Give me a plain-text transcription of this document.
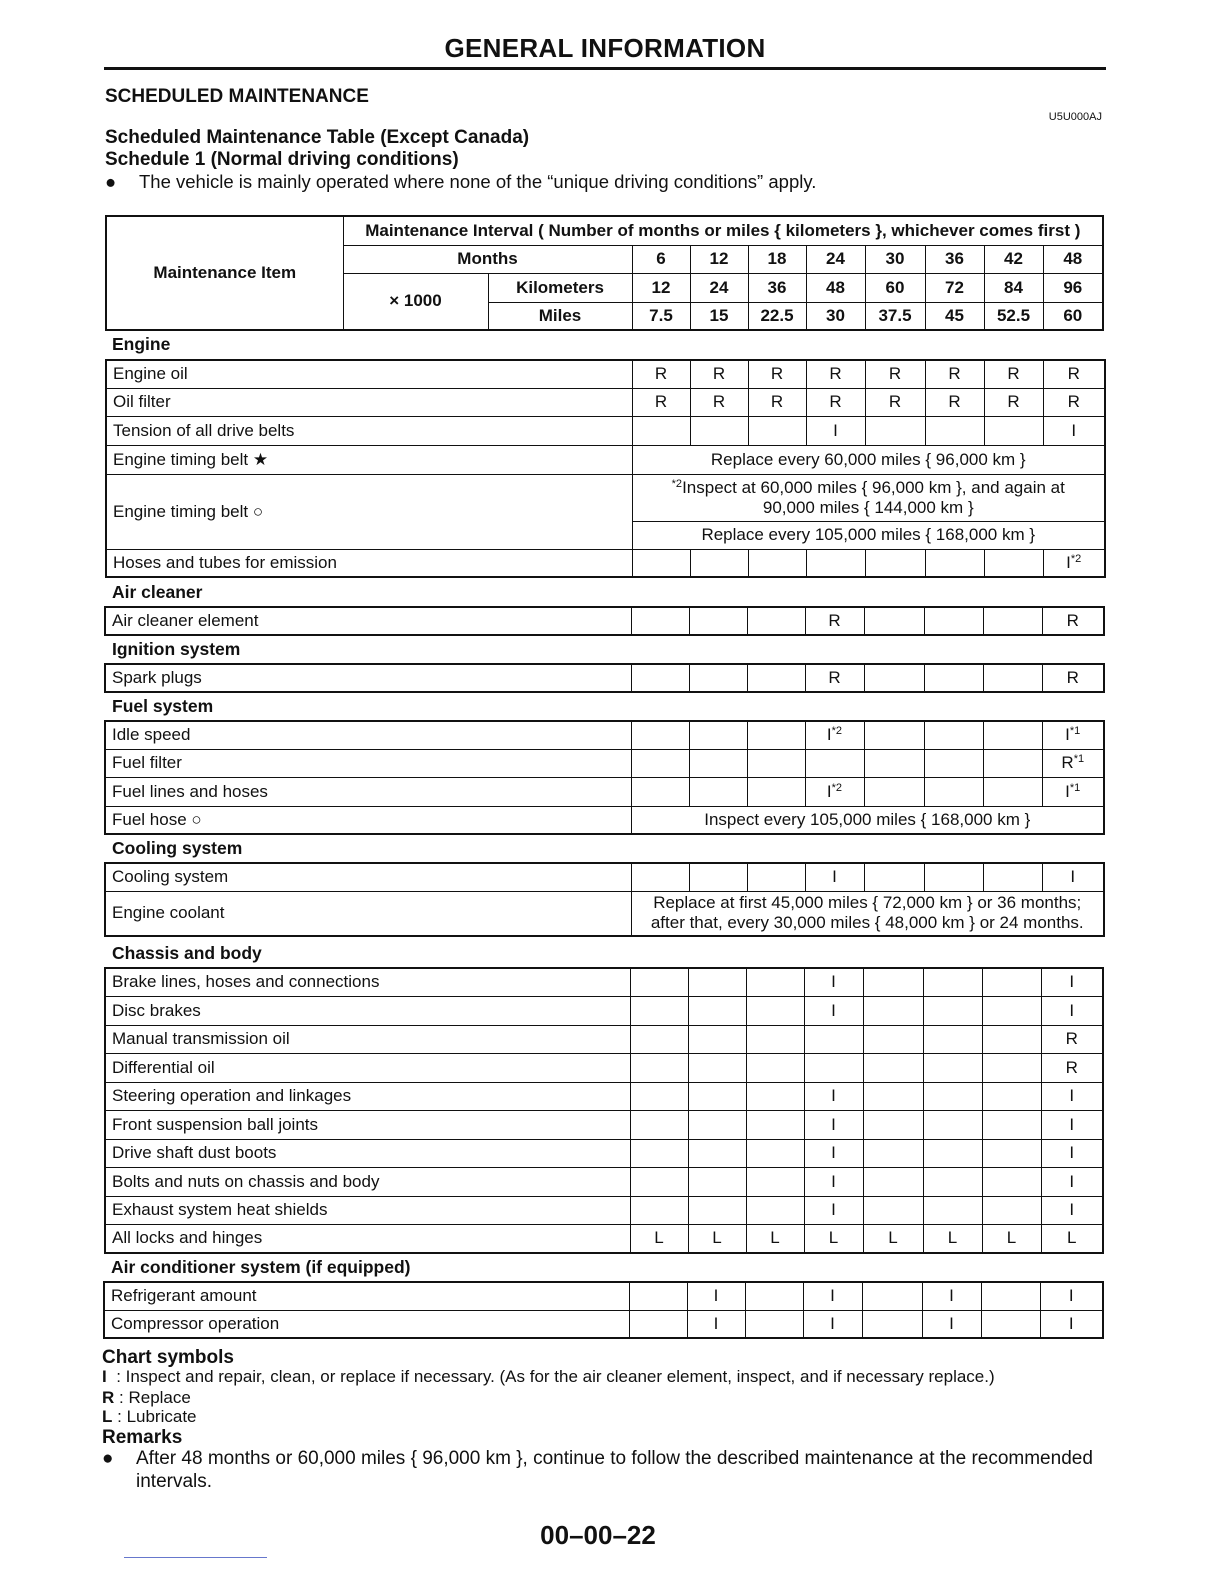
GENERAL INFORMATION
SCHEDULED MAINTENANCE
U5U000AJ
Scheduled Maintenance Table (Except Canada)
Schedule 1 (Normal driving conditions)
● The vehicle is mainly operated where none of the “unique driving conditions” apply.
Maintenance Item	Maintenance Interval ( Number of months or miles { kilometers }, whichever comes first )									
	Months		6	12	18	24	30	36	42	48
	× 1000	Kilometers	12	24	36	48	60	72	84	96
		Miles	7.5	15	22.5	30	37.5	45	52.5	60
Engine
Engine oil	R	R	R	R	R	R	R	R
Oil filter	R	R	R	R	R	R	R	R
Tension of all drive belts				I				I
Engine timing belt ★	Replace every 60,000 miles { 96,000 km }							
Engine timing belt ○	$^{*2}$Inspect at 60,000 miles { 96,000 km }, and again at 90,000 miles { 144,000 km }							
	Replace every 105,000 miles { 168,000 km }							
Hoses and tubes for emission								$I^{*2}$
Air cleaner
Air cleaner element				R				R
Ignition system
Spark plugs				R				R
Fuel system
Idle speed				$I^{*2}$				$I^{*1}$
Fuel filter								$R^{*1}$
Fuel lines and hoses				$I^{*2}$				$I^{*1}$
Fuel hose ○	Inspect every 105,000 miles { 168,000 km }							
Cooling system
Cooling system				I				I
Engine coolant	Replace at first 45,000 miles { 72,000 km } or 36 months;
after that, every 30,000 miles { 48,000 km } or 24 months.							
Chassis and body
Brake lines, hoses and connections				I				I
Disc brakes				I				I
Manual transmission oil								R
Differential oil								R
Steering operation and linkages				I				I
Front suspension ball joints				I				I
Drive shaft dust boots				I				I
Bolts and nuts on chassis and body				I				I
Exhaust system heat shields				I				I
All locks and hinges	L	L	L	L	L	L	L	L
Air conditioner system (if equipped)
Refrigerant amount		I		I		I		I
Compressor operation		I		I		I		I
Chart symbols
I : Inspect and repair, clean, or replace if necessary. (As for the air cleaner element, inspect, and if necessary replace.)
R : Replace
L : Lubricate
Remarks
● After 48 months or 60,000 miles { 96,000 km }, continue to follow the described maintenance at the recommended intervals.
00–00–22
